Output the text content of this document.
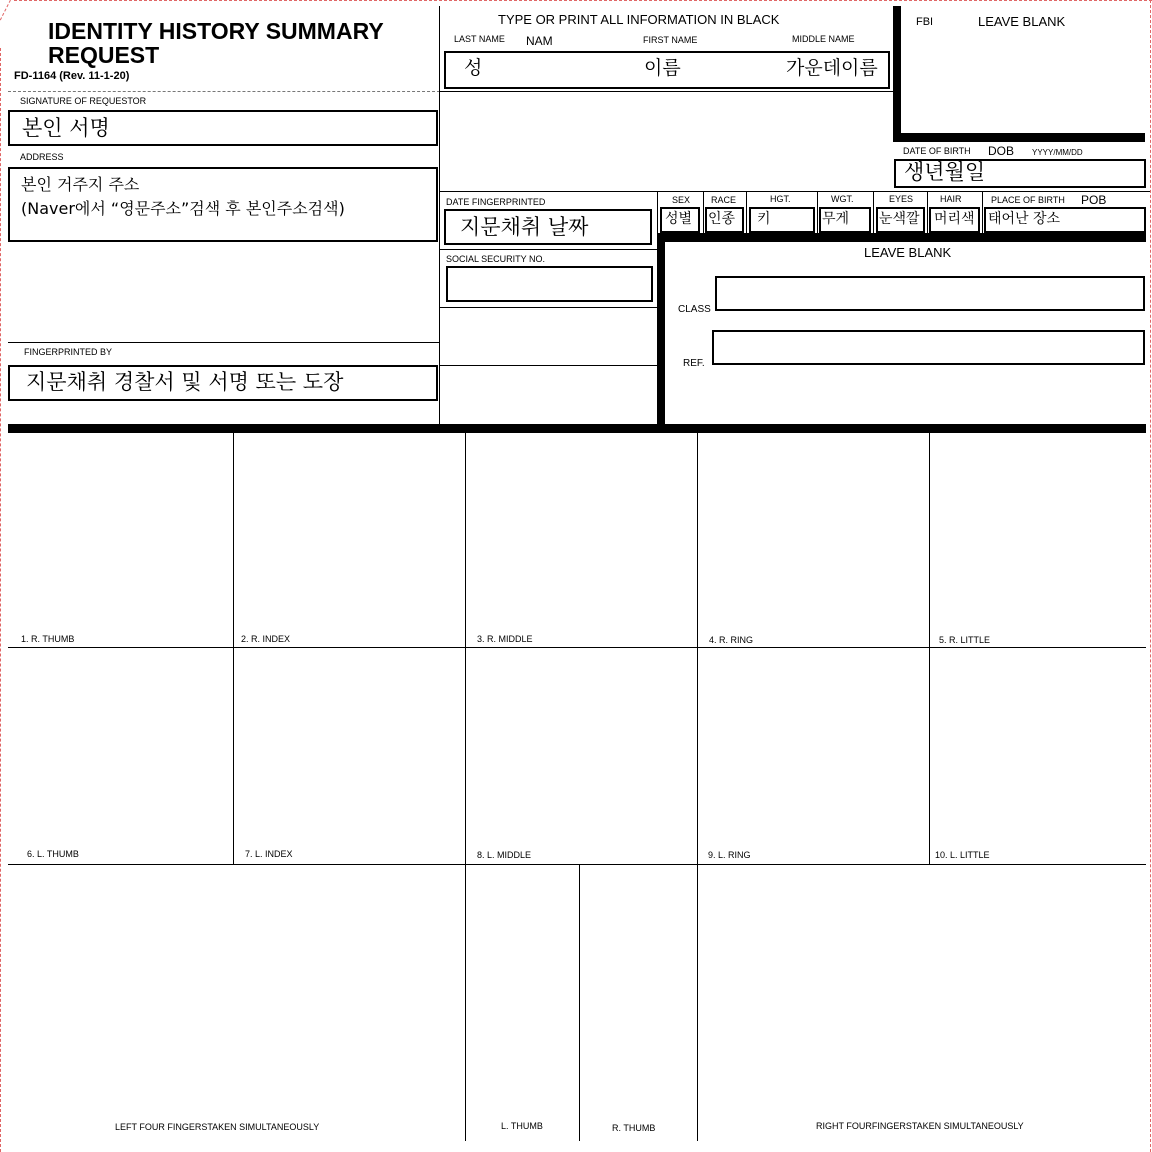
IDENTITY HISTORY SUMMARY
REQUEST
FD-1164 (Rev. 11-1-20)
SIGNATURE OF REQUESTOR
본인 서명
ADDRESS
본인 거주지 주소
(Naver에서 “영문주소”검색 후 본인주소검색)
FINGERPRINTED BY
지문채취 경찰서 및 서명 또는 도장
TYPE OR PRINT ALL INFORMATION IN BLACK
LAST NAME NAM	FIRST NAME	MIDDLE NAME
성	이름	가운데이름
FBI	LEAVE BLANK
DATE OF BIRTH DOB YYYY/MM/DD
생년월일
DATE FINGERPRINTED
지문채취 날짜
SEX
성별
RACE
인종
HGT.
키
WGT.
무게
EYES
눈색깔
HAIR
머리색
PLACE OF BIRTH POB
태어난 장소
SOCIAL SECURITY NO.	LEAVE BLANK
CLASS
REF.
1. R. THUMB	2. R. INDEX	3. R. MIDDLE	4. R. RING	5. R. LITTLE
6. L. THUMB	7. L. INDEX	8. L. MIDDLE	9. L. RING	10. L. LITTLE
LEFT FOUR FINGERSTAKEN SIMULTANEOUSLY	L. THUMB	R. THUMB	RIGHT FOURFINGERSTAKEN SIMULTANEOUSLY
